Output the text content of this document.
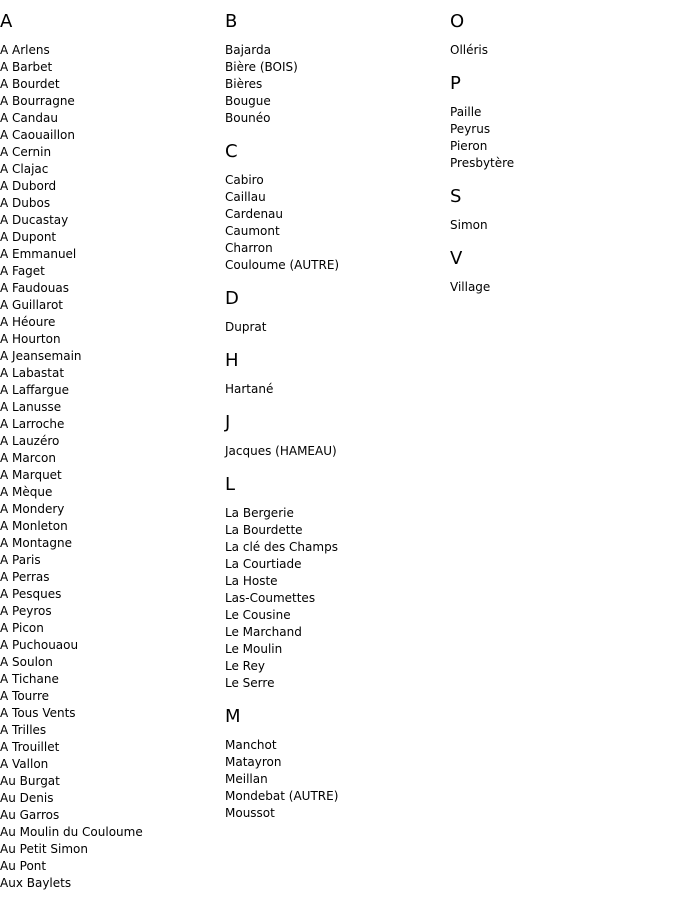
A
A Arlens
A Barbet
A Bourdet
A Bourragne
A Candau
A Caouaillon
A Cernin
A Clajac
A Dubord
A Dubos
A Ducastay
A Dupont
A Emmanuel
A Faget
A Faudouas
A Guillarot
A Héoure
A Hourton
A Jeansemain
A Labastat
A Laffargue
A Lanusse
A Larroche
A Lauzéro
A Marcon
A Marquet
A Mèque
A Mondery
A Monleton
A Montagne
A Paris
A Perras
A Pesques
A Peyros
A Picon
A Puchouaou
A Soulon
A Tichane
A Tourre
A Tous Vents
A Trilles
A Trouillet
A Vallon
Au Burgat
Au Denis
Au Garros
Au Moulin du Couloume
Au Petit Simon
Au Pont
Aux Baylets
B
Bajarda
Bière (BOIS)
Bières
Bougue
Bounéo
C
Cabiro
Caillau
Cardenau
Caumont
Charron
Couloume (AUTRE)
D
Duprat
H
Hartané
J
Jacques (HAMEAU)
L
La Bergerie
La Bourdette
La clé des Champs
La Courtiade
La Hoste
Las-Coumettes
Le Cousine
Le Marchand
Le Moulin
Le Rey
Le Serre
M
Manchot
Matayron
Meillan
Mondebat (AUTRE)
Moussot
O
Olléris
P
Paille
Peyrus
Pieron
Presbytère
S
Simon
V
Village
